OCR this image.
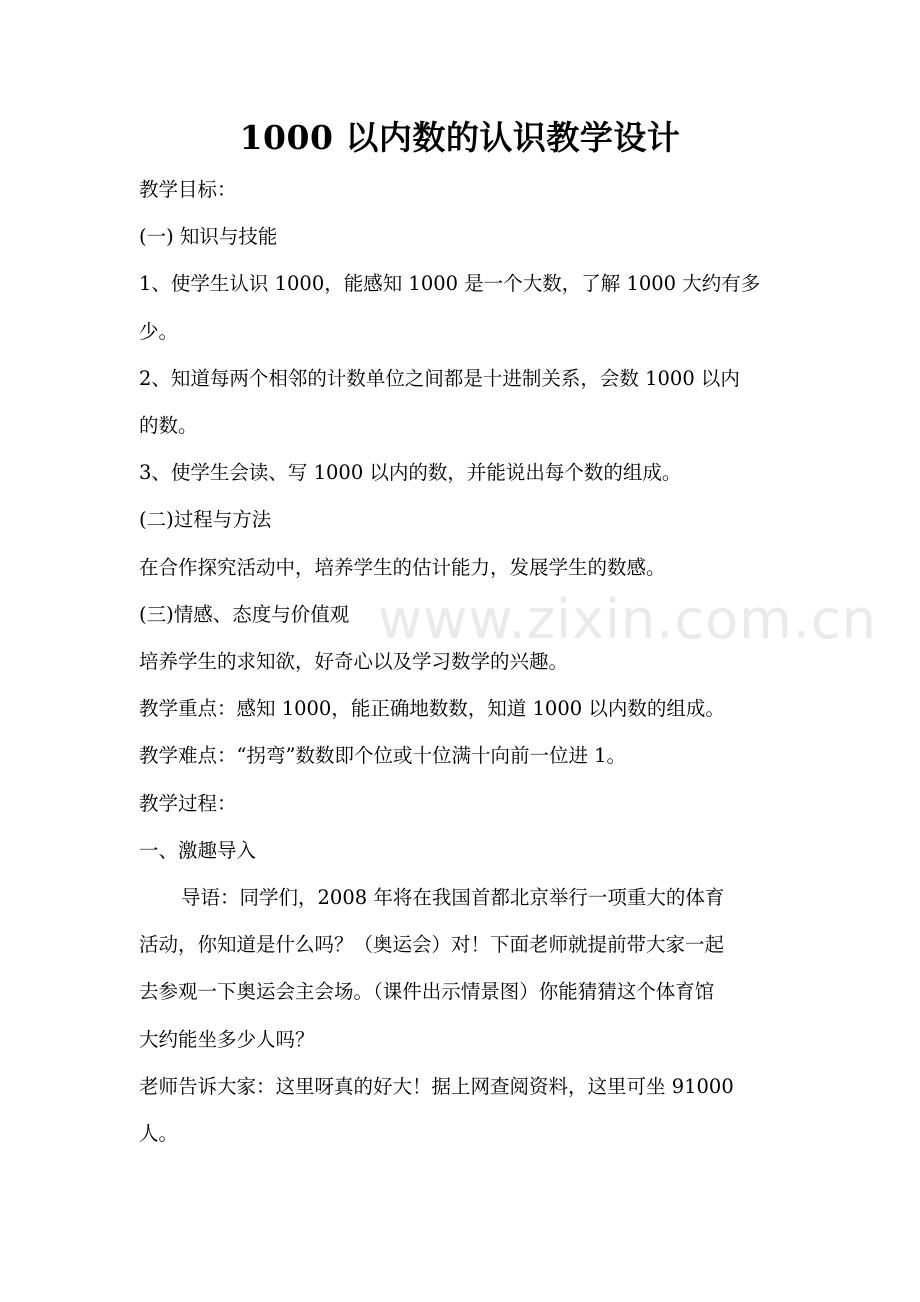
1000 以内数的认识教学设计

教学目标：

(一) 知识与技能

1、使学生认识 1000，能感知 1000 是一个大数，了解 1000 大约有多

少。

2、知道每两个相邻的计数单位之间都是十进制关系，会数 1000 以内

的数。

3、使学生会读、写 1000 以内的数，并能说出每个数的组成。

(二)过程与方法

在合作探究活动中，培养学生的估计能力，发展学生的数感。

(三)情感、态度与价值观

培养学生的求知欲，好奇心以及学习数学的兴趣。

教学重点：感知 1000，能正确地数数，知道 1000 以内数的组成。

教学难点：“拐弯”数数即个位或十位满十向前一位进 1。

教学过程：

一、激趣导入

导语：同学们，2008 年将在我国首都北京举行一项重大的体育

活动，你知道是什么吗？（奥运会）对！下面老师就提前带大家一起

去参观一下奥运会主会场。（课件出示情景图）你能猜猜这个体育馆

大约能坐多少人吗？

老师告诉大家：这里呀真的好大！据上网查阅资料，这里可坐 91000

人。

www.zixin.com.cn
